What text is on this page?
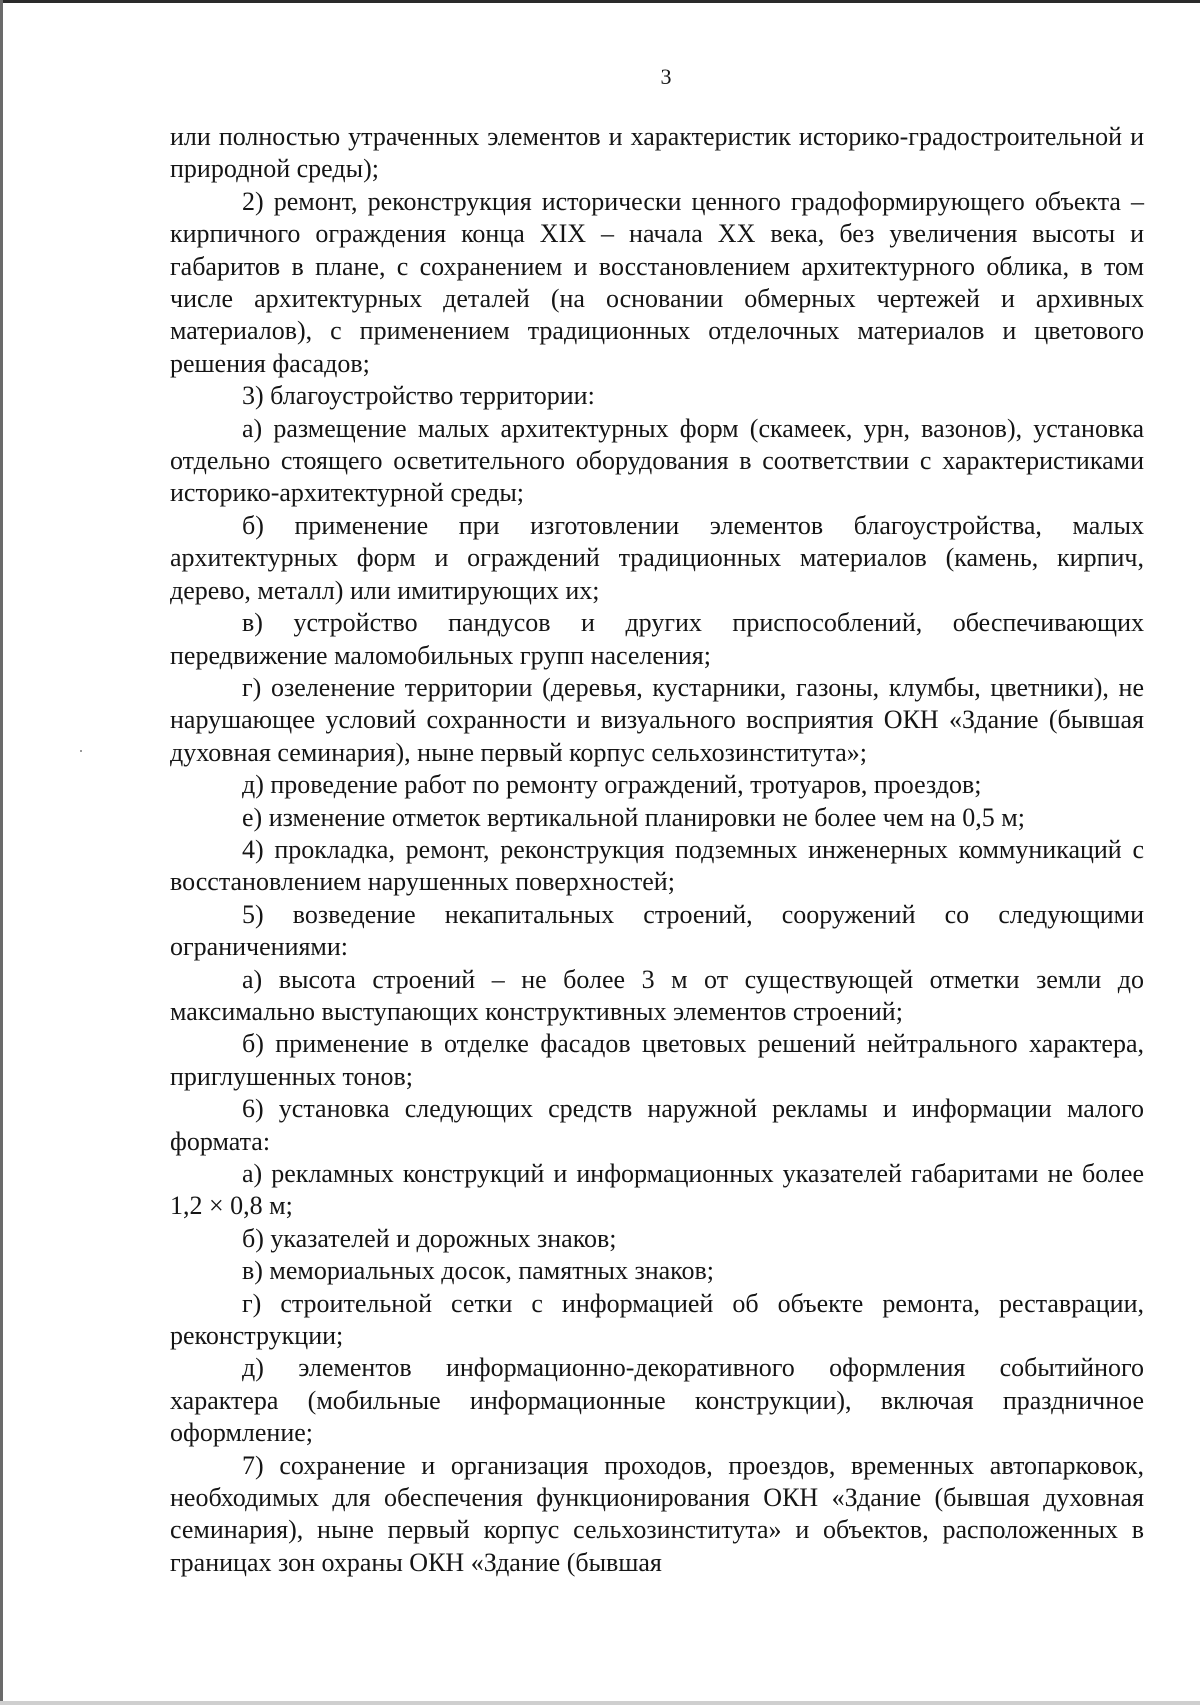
3

или полностью утраченных элементов и характеристик историко-градостроительной и природной среды);

2) ремонт, реконструкция исторически ценного градоформирующего объекта – кирпичного ограждения конца XIX – начала XX века, без увеличения высоты и габаритов в плане, с сохранением и восстановлением архитектурного облика, в том числе архитектурных деталей (на основании обмерных чертежей и архивных материалов), с применением традиционных отделочных материалов и цветового решения фасадов;

3) благоустройство территории:

а) размещение малых архитектурных форм (скамеек, урн, вазонов), установка отдельно стоящего осветительного оборудования в соответствии с характеристиками историко-архитектурной среды;

б) применение при изготовлении элементов благоустройства, малых архитектурных форм и ограждений традиционных материалов (камень, кирпич, дерево, металл) или имитирующих их;

в) устройство пандусов и других приспособлений, обеспечивающих передвижение маломобильных групп населения;

г) озеленение территории (деревья, кустарники, газоны, клумбы, цветники), не нарушающее условий сохранности и визуального восприятия ОКН «Здание (бывшая духовная семинария), ныне первый корпус сельхозинститута»;

д) проведение работ по ремонту ограждений, тротуаров, проездов;

е) изменение отметок вертикальной планировки не более чем на 0,5 м;

4) прокладка, ремонт, реконструкция подземных инженерных коммуникаций с восстановлением нарушенных поверхностей;

5) возведение некапитальных строений, сооружений со следующими ограничениями:

а) высота строений – не более 3 м от существующей отметки земли до максимально выступающих конструктивных элементов строений;

б) применение в отделке фасадов цветовых решений нейтрального характера, приглушенных тонов;

6) установка следующих средств наружной рекламы и информации малого формата:

а) рекламных конструкций и информационных указателей габаритами не более 1,2 × 0,8 м;

б) указателей и дорожных знаков;

в) мемориальных досок, памятных знаков;

г) строительной сетки с информацией об объекте ремонта, реставрации, реконструкции;

д) элементов информационно-декоративного оформления событийного характера (мобильные информационные конструкции), включая праздничное оформление;

7) сохранение и организация проходов, проездов, временных автопарковок, необходимых для обеспечения функционирования ОКН «Здание (бывшая духовная семинария), ныне первый корпус сельхозинститута» и объектов, расположенных в границах зон охраны ОКН «Здание (бывшая
